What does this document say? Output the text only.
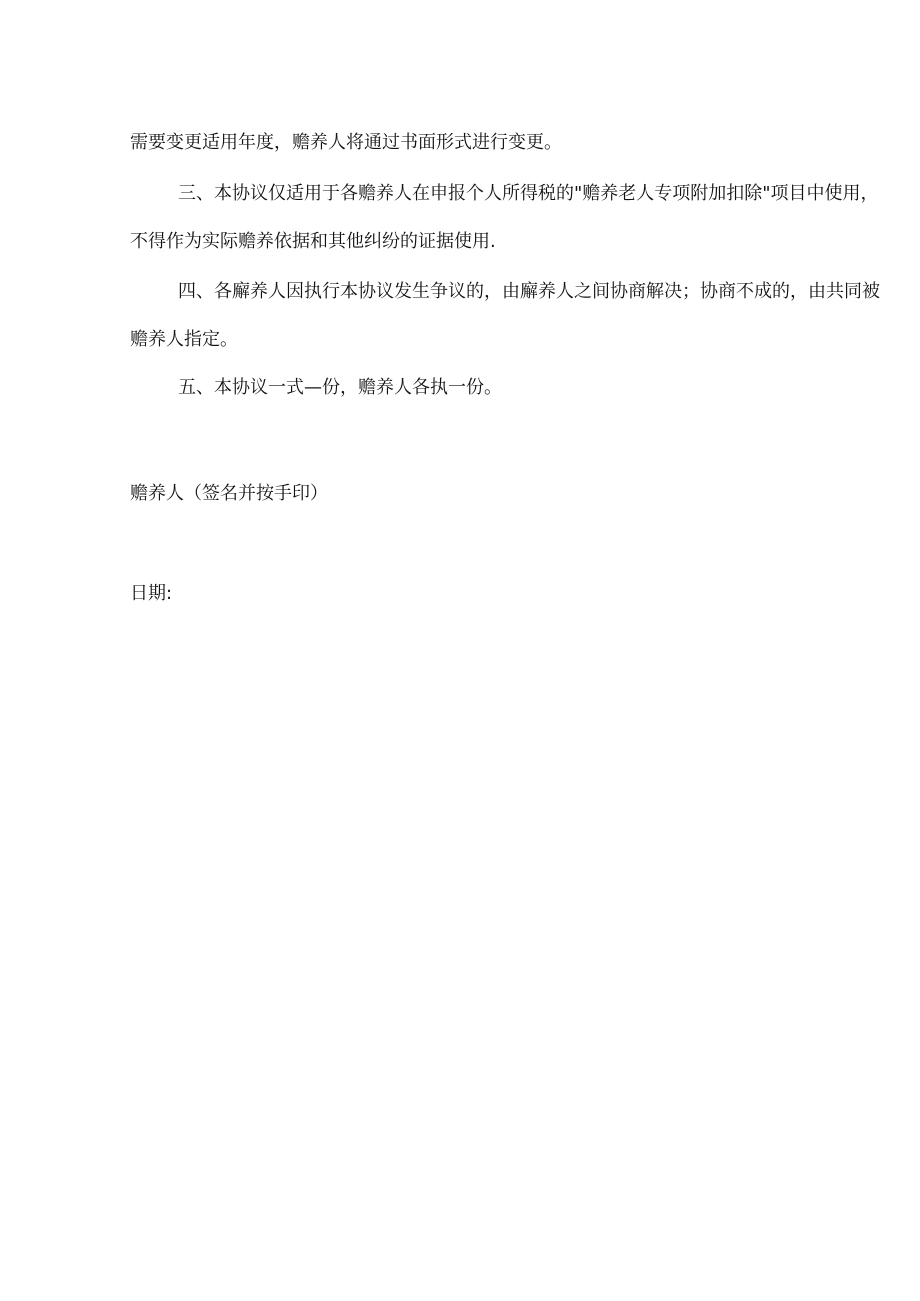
需要变更适用年度，赡养人将通过书面形式进行变更。

三、本协议仅适用于各赡养人在申报个人所得税的"赡养老人专项附加扣除"项目中使用，不得作为实际赡养依据和其他纠纷的证据使用.

四、各廨养人因执行本协议发生争议的，由廨养人之间协商解决；协商不成的，由共同被赡养人指定。

五、本协议一式—份，赡养人各执一份。

赡养人（签名并按手印）

日期:
